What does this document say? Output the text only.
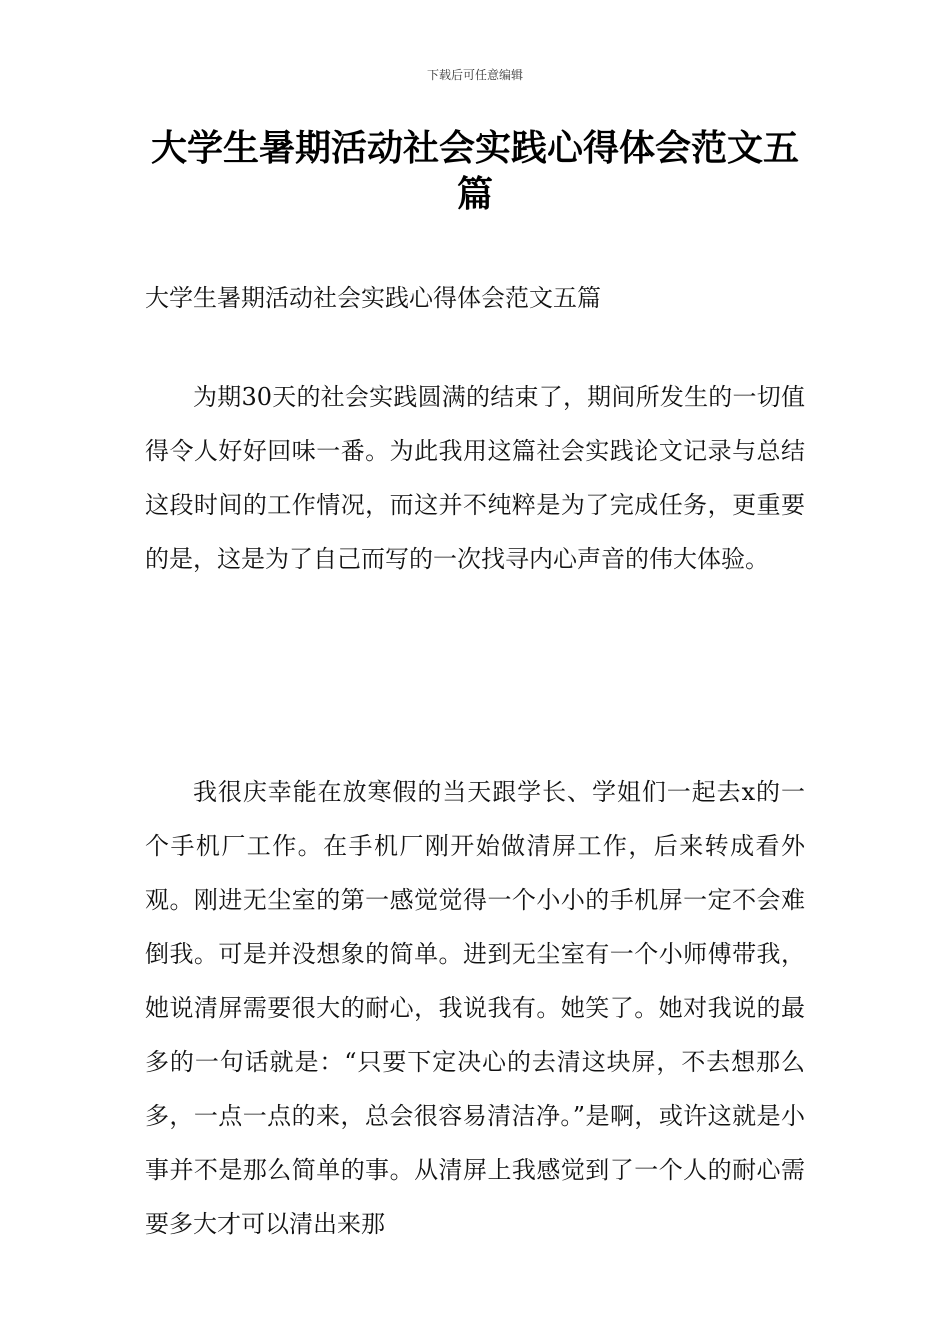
下载后可任意编辑
大学生暑期活动社会实践心得体会范文五篇

大学生暑期活动社会实践心得体会范文五篇

为期30天的社会实践圆满的结束了，期间所发生的一切值得令人好好回味一番。为此我用这篇社会实践论文记录与总结这段时间的工作情况，而这并不纯粹是为了完成任务，更重要的是，这是为了自己而写的一次找寻内心声音的伟大体验。

我很庆幸能在放寒假的当天跟学长、学姐们一起去x的一个手机厂工作。在手机厂刚开始做清屏工作，后来转成看外观。刚进无尘室的第一感觉觉得一个小小的手机屏一定不会难倒我。可是并没想象的简单。进到无尘室有一个小师傅带我，她说清屏需要很大的耐心，我说我有。她笑了。她对我说的最多的一句话就是：“只要下定决心的去清这块屏，不去想那么多，一点一点的来，总会很容易清洁净。”是啊，或许这就是小事并不是那么简单的事。从清屏上我感觉到了一个人的耐心需要多大才可以清出来那
